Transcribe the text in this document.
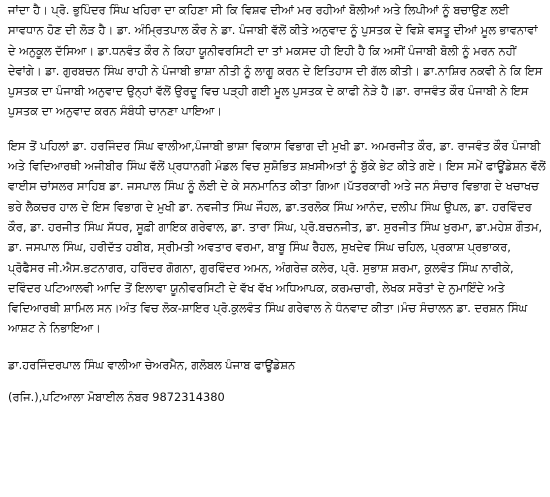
ਜਾਂਦਾ ਹੈ। ਪ੍ਰੋ. ਭੁਪਿੰਦਰ ਸਿੰਘ ਖਹਿਰਾ ਦਾ ਕਹਿਣਾ ਸੀ ਕਿ ਵਿਸ਼ਵ ਦੀਆਂ ਮਰ ਰਹੀਆਂ ਬੋਲੀਆਂ ਅਤੇ ਲਿਪੀਆਂ ਨੂੰ ਬਚਾਉਣ ਲਈ ਸਾਵਧਾਨ ਹੋਣ ਦੀ ਲੋੜ ਹੈ। ਡਾ. ਅੰਮ੍ਰਿਤਪਾਲ ਕੌਰ ਨੇ ਡਾ. ਪੰਜਾਬੀ ਵੱਲੋਂ ਕੀਤੇ ਅਨੁਵਾਦ ਨੂੰ ਪੁਸਤਕ ਦੇ ਵਿਸ਼ੇ ਵਸਤੂ ਦੀਆਂ ਮੂਲ ਭਾਵਨਾਵਾਂ ਦੇ ਅਨੁਕੂਲ ਦੱਸਿਆ। ਡਾ.ਧਨਵੰਤ ਕੌਰ ਨੇ ਕਿਹਾ ਯੂਨੀਵਰਸਿਟੀ ਦਾ ਤਾਂ ਮਕਸਦ ਹੀ ਇਹੀ ਹੈ ਕਿ ਅਸੀਂ ਪੰਜਾਬੀ ਬੋਲੀ ਨੂੰ ਮਰਨ ਨਹੀਂ ਦੇਵਾਂਗੇ। ਡਾ. ਗੁਰਬਚਨ ਸਿੰਘ ਰਾਹੀ ਨੇ ਪੰਜਾਬੀ ਭਾਸ਼ਾ ਨੀਤੀ ਨੂੰ ਲਾਗੂ ਕਰਨ ਦੇ ਇਤਿਹਾਸ ਦੀ ਗੱਲ ਕੀਤੀ। ਡਾ.ਨਾਸ਼ਿਰ ਨਕਵੀ ਨੇ ਕਿ ਇਸ ਪੁਸਤਕ ਦਾ ਪੰਜਾਬੀ ਅਨੁਵਾਦ ਉਨ੍ਹਾਂ ਵੱਲੋਂ ਉਰਦੂ ਵਿਚ ਪੜ੍ਹੀ ਗਈ ਮੂਲ ਪੁਸਤਕ ਦੇ ਕਾਫੀ ਨੇੜੇ ਹੈ।ਡਾ. ਰਾਜਵੰਤ ਕੌਰ ਪੰਜਾਬੀ ਨੇ ਇਸ ਪੁਸਤਕ ਦਾ ਅਨੁਵਾਦ ਕਰਨ ਸੰਬੰਧੀ ਚਾਨਣਾ ਪਾਇਆ।

ਇਸ ਤੋਂ ਪਹਿਲਾਂ ਡਾ. ਹਰਜਿੰਦਰ ਸਿੰਘ ਵਾਲੀਆ,ਪੰਜਾਬੀ ਭਾਸ਼ਾ ਵਿਕਾਸ ਵਿਭਾਗ ਦੀ ਮੁਖੀ ਡਾ. ਅਮਰਜੀਤ ਕੌਰ, ਡਾ. ਰਾਜਵੰਤ ਕੌਰ ਪੰਜਾਬੀ ਅਤੇ ਵਿਦਿਆਰਥੀ ਅਜੀਬੀਰ ਸਿੰਘ ਵੱਲੋਂ ਪ੍ਰਧਾਨਗੀ ਮੰਡਲ ਵਿਚ ਸੁਸ਼ੋਭਿਤ ਸ਼ਖ਼ਸੀਅਤਾਂ ਨੂੰ ਬੁੱਕੇ ਭੇਟ ਕੀਤੇ ਗਏ। ਇਸ ਸਮੇਂ ਫਾਊਂਡੇਸ਼ਨ ਵੱਲੋਂ ਵਾਈਸ ਚਾਂਸਲਰ ਸਾਹਿਬ ਡਾ. ਜਸਪਾਲ ਸਿੰਘ ਨੂੰ ਲੋਈ ਦੇ ਕੇ ਸਨਮਾਨਿਤ ਕੀਤਾ ਗਿਆ।ਪੱਤਰਕਾਰੀ ਅਤੇ ਜਨ ਸੰਚਾਰ ਵਿਭਾਗ ਦੇ ਖਚਾਖਚ ਭਰੇ ਲੈਕਚਰ ਹਾਲ ਦੇ ਇਸ ਵਿਭਾਗ ਦੇ ਮੁਖੀ ਡਾ. ਨਵਜੀਤ ਸਿੰਘ ਜੌਹਲ, ਡਾ.ਤਰਲੋਕ ਸਿੰਘ ਆਨੰਦ, ਦਲੀਪ ਸਿੰਘ ਉਪਲ, ਡਾ. ਹਰਵਿੰਦਰ ਕੌਰ, ਡਾ. ਹਰਜੀਤ ਸਿੰਘ ਸੱਧਰ, ਸੂਫ਼ੀ ਗਾਇਕ ਗਰੇਵਾਲ, ਡਾ. ਤਾਰਾ ਸਿੰਘ, ਪ੍ਰੋ.ਬਚਨਜੀਤ, ਡਾ. ਸੁਰਜੀਤ ਸਿੰਘ ਖੁਰਮਾ, ਡਾ.ਮਹੇਸ਼ ਗੌਤਮ, ਡਾ. ਜਸਪਾਲ ਸਿੰਘ, ਹਰੀਦੱਤ ਹਬੀਬ, ਸ੍ਰੀਮਤੀ ਅਵਤਾਰ ਵਰਮਾ, ਬਾਬੂ ਸਿੰਘ ਰੈਹਲ, ਸੁਖਦੇਵ ਸਿੰਘ ਚਹਿਲ, ਪ੍ਰਕਾਸ਼ ਪ੍ਰਭਾਕਰ, ਪ੍ਰੋਫੈਸਰ ਜੀ.ਐਸ.ਭਟਨਾਗਰ, ਹਰਿੰਦਰ ਗੋਗਨਾ, ਗੁਰਵਿੰਦਰ ਅਮਨ, ਅੰਗਰੇਜ਼ ਕਲੇਰ, ਪ੍ਰੋ. ਸੁਭਾਸ਼ ਸ਼ਰਮਾ, ਕੁਲਵੰਤ ਸਿੰਘ ਨਾਰੀਕੇ, ਦਵਿੰਦਰ ਪਟਿਆਲਵੀ ਆਦਿ ਤੋਂ ਇਲਾਵਾ ਯੂਨੀਵਰਸਿਟੀ ਦੇ ਵੱਖ ਵੱਖ ਅਧਿਆਪਕ, ਕਰਮਚਾਰੀ, ਲੇਖਕ ਸਰੋਤਾਂ ਦੇ ਨੁਮਾਇੰਦੇ ਅਤੇ ਵਿਦਿਆਰਥੀ ਸ਼ਾਮਿਲ ਸਨ।ਅੰਤ ਵਿਚ ਲੋਕ-ਸ਼ਾਇਰ ਪ੍ਰੋ.ਕੁਲਵੰਤ ਸਿੰਘ ਗਰੇਵਾਲ ਨੇ ਧੰਨਵਾਦ ਕੀਤਾ।ਮੰਚ ਸੰਚਾਲਨ ਡਾ. ਦਰਸ਼ਨ ਸਿੰਘ ਆਸ਼ਟ ਨੇ ਨਿਭਾਇਆ।

ਡਾ.ਹਰਜਿੰਦਰਪਾਲ ਸਿੰਘ ਵਾਲੀਆ ਚੇਅਰਮੈਨ, ਗਲੋਬਲ ਪੰਜਾਬ ਫਾਊਂਡੇਸ਼ਨ

(ਰਜਿ.),ਪਟਿਆਲਾ ਮੋਬਾਈਲ ਨੰਬਰ 9872314380
